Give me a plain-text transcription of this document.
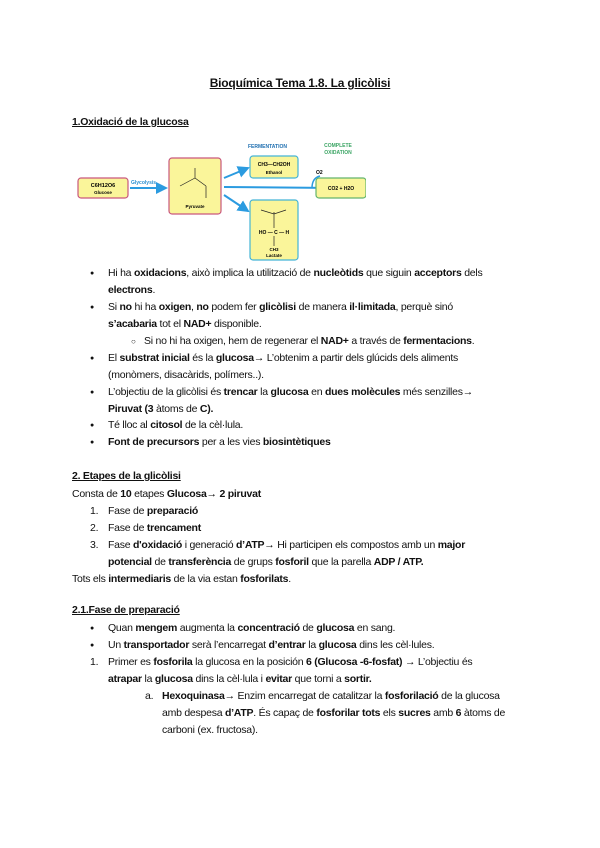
Bioquímica Tema 1.8. La glicòlisi
C6H12O6
Glucose
Glycolysis
Pyruvate
FERMENTATION	COMPLETE
OXIDATION
CH3—CH2OH
Ethanol	O2
CO2 + H2O
HO — C — H
CH3
Lactate
1.Oxidació de la glucosa
● Hi ha oxidacions, això implica la utilització de nucleòtids que siguin acceptors dels
electrons.
● Si no hi ha oxigen, no podem fer glicòlisi de manera il·limitada, perquè sinó
s’acabaria tot el NAD+ disponible.
○ Si no hi ha oxigen, hem de regenerar el NAD+ a través de fermentacions.
● El substrat inicial és la glucosa→ L’obtenim a partir dels glúcids dels aliments
(monòmers, disacàrids, polímers..).
● L’objectiu de la glicòlisi és trencar la glucosa en dues molècules més senzilles→
Piruvat (3 àtoms de C).
● Té lloc al citosol de la cèl·lula.
● Font de precursors per a les vies biosintètiques
2. Etapes de la glicòlisi
Consta de 10 etapes Glucosa→ 2 piruvat
1. Fase de preparació
2. Fase de trencament
3. Fase d'oxidació i generació d’ATP→ Hi participen els compostos amb un major
potencial de transferència de grups fosforil que la parella ADP / ATP.
Tots els intermediaris de la via estan fosforilats.
2.1.Fase de preparació
● Quan mengem augmenta la concentració de glucosa en sang.
● Un transportador serà l’encarregat d’entrar la glucosa dins les cèl·lules.
1. Primer es fosforila la glucosa en la posición 6 (Glucosa -6-fosfat) → L’objectiu és
atrapar la glucosa dins la cèl·lula i evitar que torni a sortir.
a. Hexoquinasa→ Enzim encarregat de catalitzar la fosforilació de la glucosa
amb despesa d’ATP. És capaç de fosforilar tots els sucres amb 6 àtoms de
carboni (ex. fructosa).
